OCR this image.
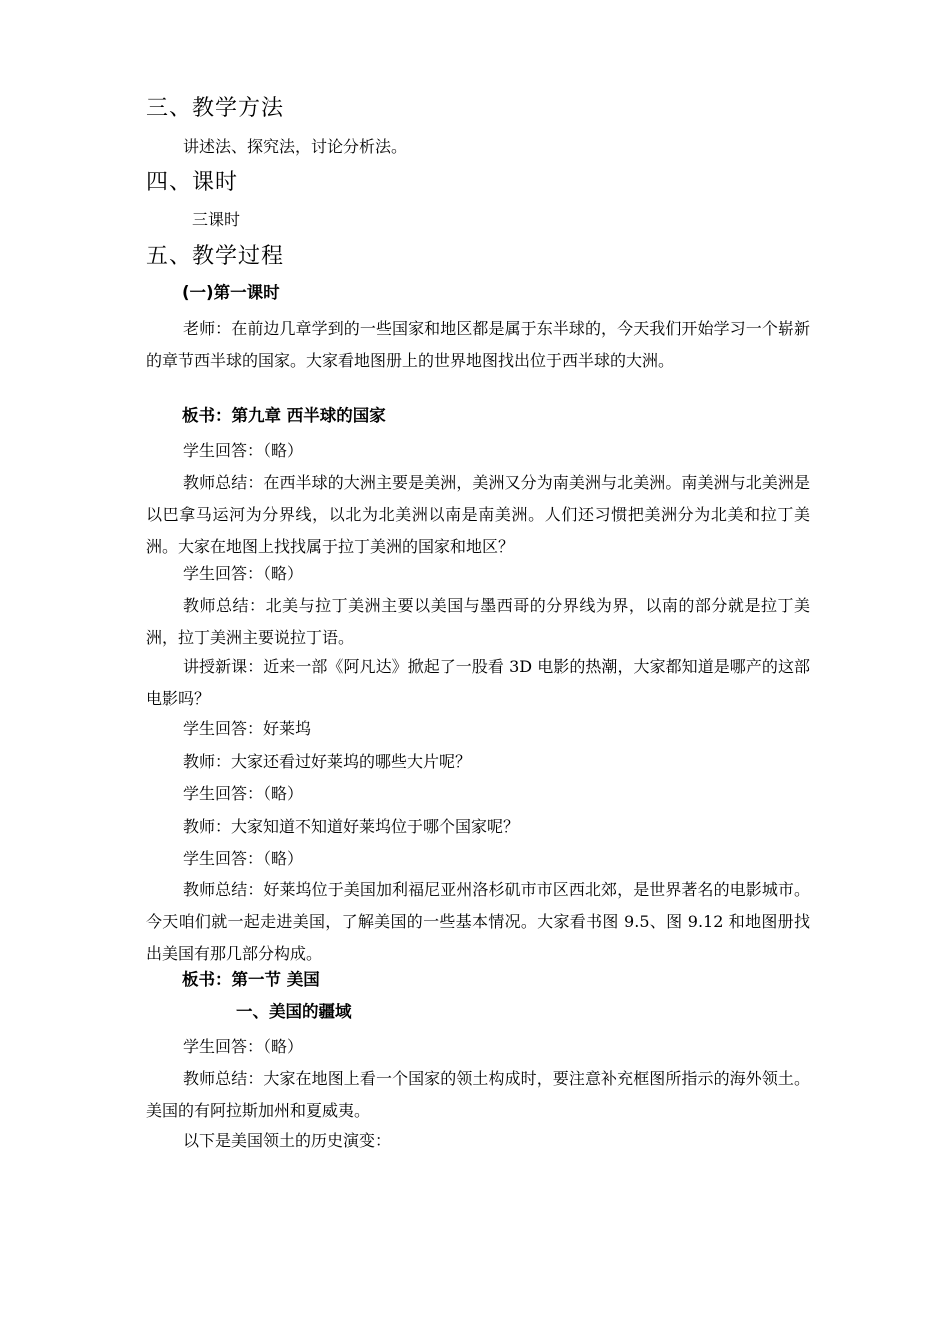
三、教学方法
讲述法、探究法，讨论分析法。
四、课时
三课时
五、教学过程
(一)第一课时
老师：在前边几章学到的一些国家和地区都是属于东半球的，今天我们开始学习一个崭新的章节西半球的国家。大家看地图册上的世界地图找出位于西半球的大洲。
板书：第九章 西半球的国家
学生回答：（略）
教师总结：在西半球的大洲主要是美洲，美洲又分为南美洲与北美洲。南美洲与北美洲是以巴拿马运河为分界线，以北为北美洲以南是南美洲。人们还习惯把美洲分为北美和拉丁美洲。大家在地图上找找属于拉丁美洲的国家和地区？
学生回答：（略）
教师总结：北美与拉丁美洲主要以美国与墨西哥的分界线为界，以南的部分就是拉丁美洲，拉丁美洲主要说拉丁语。
讲授新课：近来一部《阿凡达》掀起了一股看 3D 电影的热潮，大家都知道是哪产的这部电影吗？
学生回答：好莱坞
教师：大家还看过好莱坞的哪些大片呢？
学生回答：（略）
教师：大家知道不知道好莱坞位于哪个国家呢？
学生回答：（略）
教师总结：好莱坞位于美国加利福尼亚州洛杉矶市市区西北郊，是世界著名的电影城市。今天咱们就一起走进美国，了解美国的一些基本情况。大家看书图 9.5、图 9.12 和地图册找出美国有那几部分构成。
板书：第一节 美国
一、美国的疆域
学生回答：（略）
教师总结：大家在地图上看一个国家的领土构成时，要注意补充框图所指示的海外领土。美国的有阿拉斯加州和夏威夷。
以下是美国领土的历史演变：
